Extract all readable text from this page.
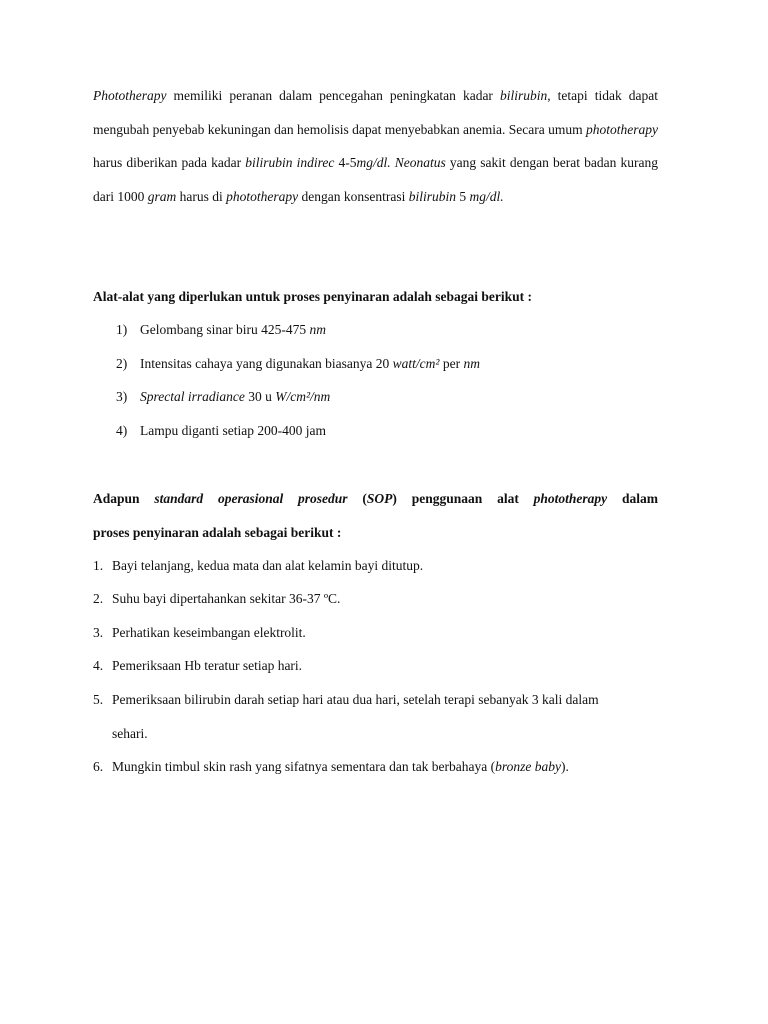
Phototherapy memiliki peranan dalam pencegahan peningkatan kadar bilirubin, tetapi tidak dapat mengubah penyebab kekuningan dan hemolisis dapat menyebabkan anemia. Secara umum phototherapy harus diberikan pada kadar bilirubin indirec 4-5mg/dl. Neonatus yang sakit dengan berat badan kurang dari 1000 gram harus di phototherapy dengan konsentrasi bilirubin 5 mg/dl.

Alat-alat yang diperlukan untuk proses penyinaran adalah sebagai berikut :

1) Gelombang sinar biru 425-475 nm
2) Intensitas cahaya yang digunakan biasanya 20 watt/cm² per nm
3) Sprectal irradiance 30 u W/cm²/nm
4) Lampu diganti setiap 200-400 jam

Adapun standard operasional prosedur (SOP) penggunaan alat phototherapy dalam

proses penyinaran adalah sebagai berikut :

1. Bayi telanjang, kedua mata dan alat kelamin bayi ditutup.
2. Suhu bayi dipertahankan sekitar 36-37 ºC.
3. Perhatikan keseimbangan elektrolit.
4. Pemeriksaan Hb teratur setiap hari.
5. Pemeriksaan bilirubin darah setiap hari atau dua hari, setelah terapi sebanyak 3 kali dalam
sehari.
6. Mungkin timbul skin rash yang sifatnya sementara dan tak berbahaya (bronze baby).
